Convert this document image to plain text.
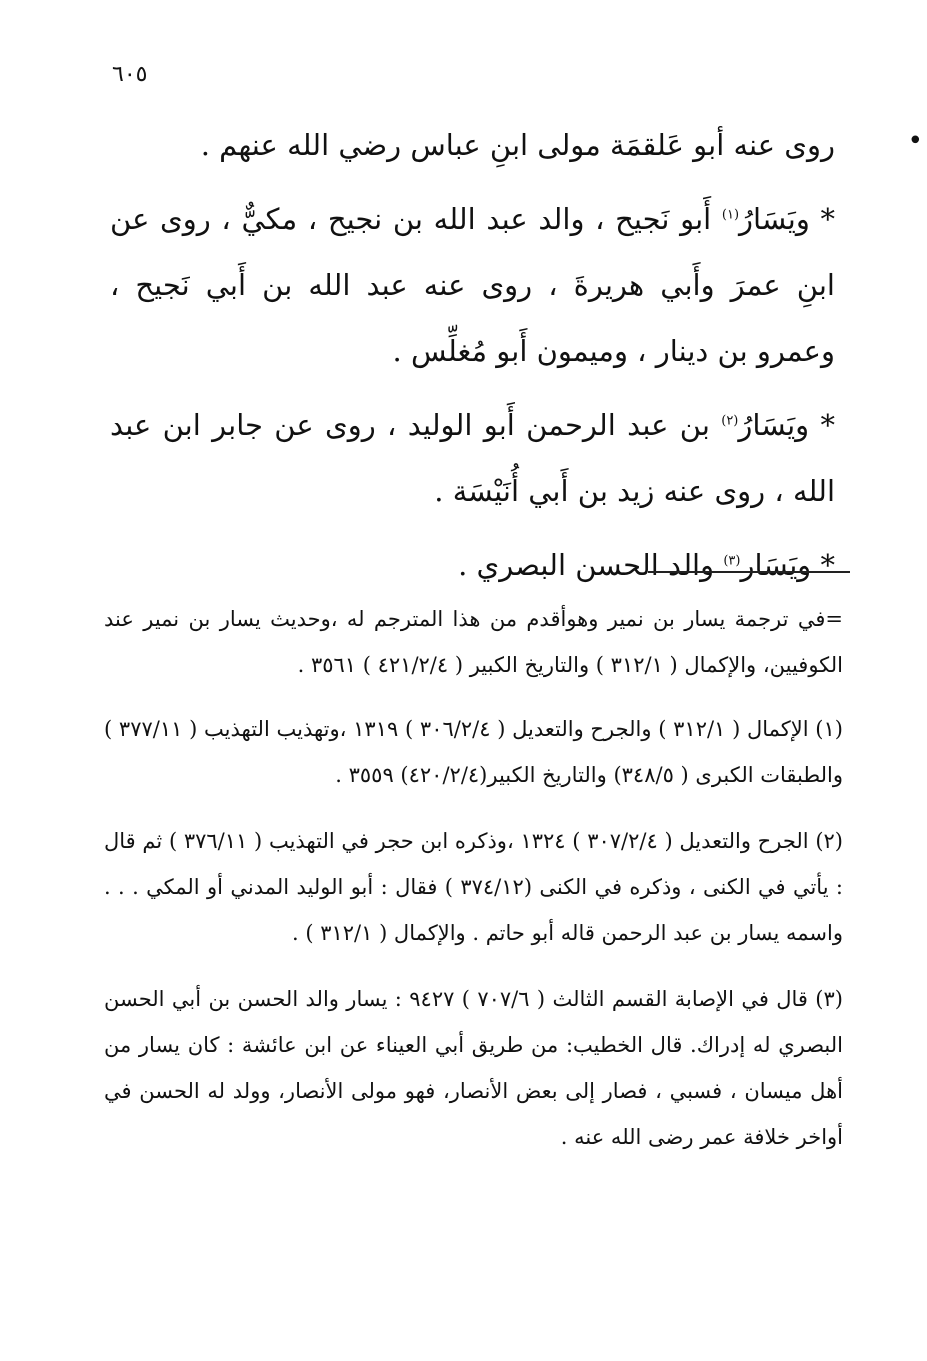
٦٠٥
•

روى عنه أبو عَلقمَة مولى ابنِ عباس رضي الله عنهم .

* ويَسَارُ$^{(١)}$ أَبو نَجيح ، والد عبد الله بن نجيح ، مكيٌّ ، روى عن ابنِ عمرَ وأَبي هريرةَ ، روى عنه عبد الله بن أَبي نَجيح ، وعمرو بن دينار ، وميمون أَبو مُغلِّس .

* ويَسَارُ$^{(٢)}$ بن عبد الرحمن أَبو الوليد ، روى عن جابر ابن عبد الله ، روى عنه زيد بن أَبي أُنَيْسَة .

* ويَسَار$^{(٣)}$ والد الحسن البصري .

=في ترجمة يسار بن نمير وهوأقدم من هذا المترجم له ،وحديث يسار بن نمير عند الكوفيين، والإكمال ( ٣١٢/١ ) والتاريخ الكبير ( ٤٢١/٢/٤ ) ٣٥٦١ .

(١) الإكمال ( ٣١٢/١ ) والجرح والتعديل ( ٣٠٦/٢/٤ ) ١٣١٩ ،وتهذيب التهذيب ( ٣٧٧/١١ ) والطبقات الكبرى ( ٣٤٨/٥) والتاريخ الكبير(٤٢٠/٢/٤) ٣٥٥٩ .

(٢) الجرح والتعديل ( ٣٠٧/٢/٤ ) ١٣٢٤ ،وذكره ابن حجر في التهذيب ( ٣٧٦/١١ ) ثم قال : يأتي في الكنى ، وذكره في الكنى (٣٧٤/١٢ ) فقال : أبو الوليد المدني أو المكي . . . واسمه يسار بن عبد الرحمن قاله أبو حاتم . والإكمال ( ٣١٢/١ ) .

(٣) قال في الإصابة القسم الثالث ( ٧٠٧/٦ ) ٩٤٢٧ : يسار والد الحسن بن أبي الحسن البصري له إدراك. قال الخطيب: من طريق أبي العيناء عن ابن عائشة : كان يسار من أهل ميسان ، فسبي ، فصار إلى بعض الأنصار، فهو مولى الأنصار، وولد له الحسن في أواخر خلافة عمر رضى الله عنه .
